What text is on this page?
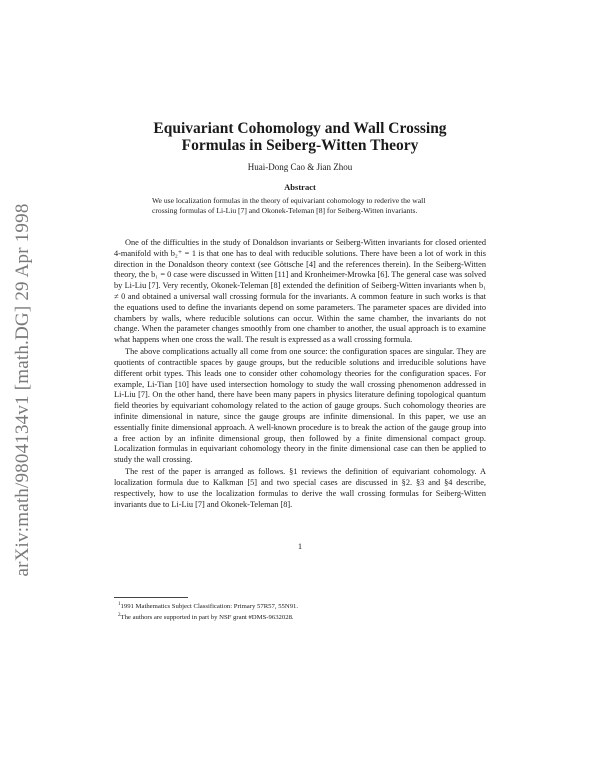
arXiv:math/9804134v1 [math.DG] 29 Apr 1998
Equivariant Cohomology and Wall Crossing
Formulas in Seiberg-Witten Theory
Huai-Dong Cao & Jian Zhou
Abstract
We use localization formulas in the theory of equivariant cohomology to rederive the wall crossing formulas of Li-Liu [7] and Okonek-Teleman [8] for Seiberg-Witten invariants.

One of the difficulties in the study of Donaldson invariants or Seiberg-Witten invariants for closed oriented 4-manifold with b₂⁺ = 1 is that one has to deal with reducible solutions. There have been a lot of work in this direction in the Donaldson theory context (see Göttsche [4] and the references therein). In the Seiberg-Witten theory, the b₁ = 0 case were discussed in Witten [11] and Kronheimer-Mrowka [6]. The general case was solved by Li-Liu [7]. Very recently, Okonek-Teleman [8] extended the definition of Seiberg-Witten invariants when b₁ ≠ 0 and obtained a universal wall crossing formula for the invariants. A common feature in such works is that the equations used to define the invariants depend on some parameters. The parameter spaces are divided into chambers by walls, where reducible solutions can occur. Within the same chamber, the invariants do not change. When the parameter changes smoothly from one chamber to another, the usual approach is to examine what happens when one cross the wall. The result is expressed as a wall crossing formula.

The above complications actually all come from one source: the configuration spaces are singular. They are quotients of contractible spaces by gauge groups, but the reducible solutions and irreducible solutions have different orbit types. This leads one to consider other cohomology theories for the configuration spaces. For example, Li-Tian [10] have used intersection homology to study the wall crossing phenomenon addressed in Li-Liu [7]. On the other hand, there have been many papers in physics literature defining topological quantum field theories by equivariant cohomology related to the action of gauge groups. Such cohomology theories are infinite dimensional in nature, since the gauge groups are infinite dimensional. In this paper, we use an essentially finite dimensional approach. A well-known procedure is to break the action of the gauge group into a free action by an infinite dimensional group, then followed by a finite dimensional compact group. Localization formulas in equivariant cohomology theory in the finite dimensional case can then be applied to study the wall crossing.

The rest of the paper is arranged as follows. §1 reviews the definition of equivariant cohomology. A localization formula due to Kalkman [5] and two special cases are discussed in §2. §3 and §4 describe, respectively, how to use the localization formulas to derive the wall crossing formulas for Seiberg-Witten invariants due to Li-Liu [7] and Okonek-Teleman [8].

$^1$1991 Mathematics Subject Classification: Primary 57R57, 55N91.
$^2$The authors are supported in part by NSF grant #DMS-9632028.
1
